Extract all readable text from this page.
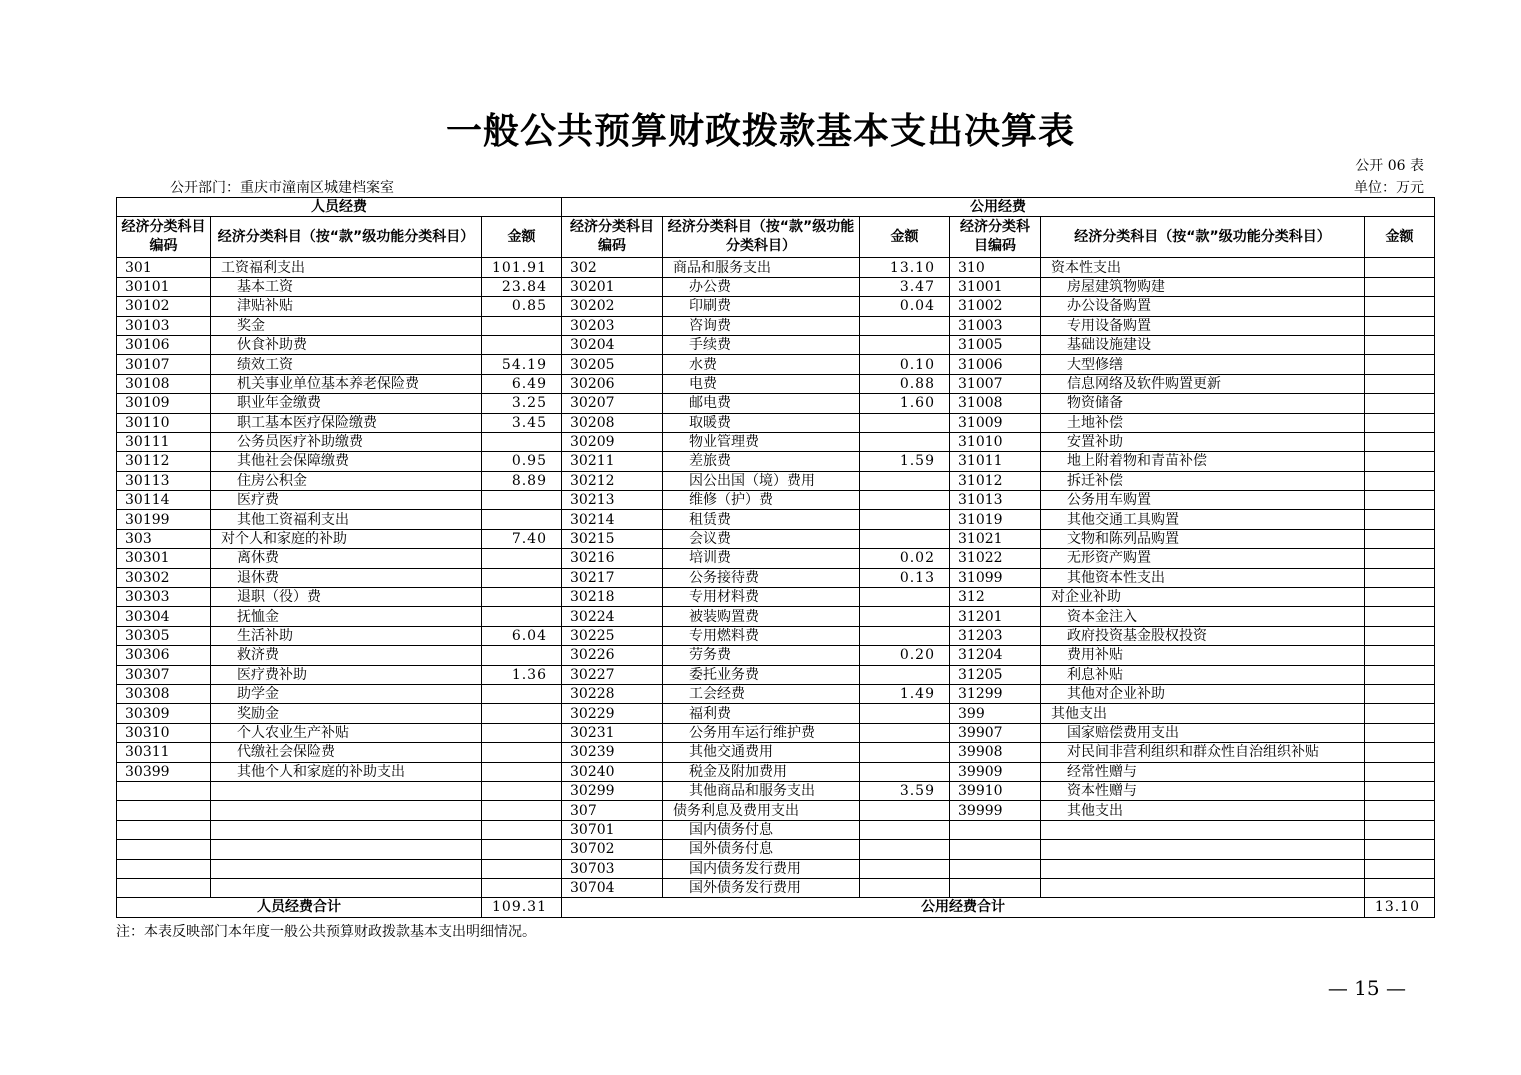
一般公共预算财政拨款基本支出决算表
公开 06 表
公开部门：重庆市潼南区城建档案室	单位：万元
人员经费			公用经费					
经济分类科目编码	经济分类科目（按“款”级功能分类科目）	金额	经济分类科目编码	经济分类科目（按“款”级功能分类科目）	金额	经济分类科目编码	经济分类科目（按“款”级功能分类科目）	金额
301	工资福利支出	101.91	302	商品和服务支出	13.10	310	资本性支出	
30101	基本工资	23.84	30201	办公费	3.47	31001	房屋建筑物购建	
30102	津贴补贴	0.85	30202	印刷费	0.04	31002	办公设备购置	
30103	奖金		30203	咨询费		31003	专用设备购置	
30106	伙食补助费		30204	手续费		31005	基础设施建设	
30107	绩效工资	54.19	30205	水费	0.10	31006	大型修缮	
30108	机关事业单位基本养老保险费	6.49	30206	电费	0.88	31007	信息网络及软件购置更新	
30109	职业年金缴费	3.25	30207	邮电费	1.60	31008	物资储备	
30110	职工基本医疗保险缴费	3.45	30208	取暖费		31009	土地补偿	
30111	公务员医疗补助缴费		30209	物业管理费		31010	安置补助	
30112	其他社会保障缴费	0.95	30211	差旅费	1.59	31011	地上附着物和青苗补偿	
30113	住房公积金	8.89	30212	因公出国（境）费用		31012	拆迁补偿	
30114	医疗费		30213	维修（护）费		31013	公务用车购置	
30199	其他工资福利支出		30214	租赁费		31019	其他交通工具购置	
303	对个人和家庭的补助	7.40	30215	会议费		31021	文物和陈列品购置	
30301	离休费		30216	培训费	0.02	31022	无形资产购置	
30302	退休费		30217	公务接待费	0.13	31099	其他资本性支出	
30303	退职（役）费		30218	专用材料费		312	对企业补助	
30304	抚恤金		30224	被装购置费		31201	资本金注入	
30305	生活补助	6.04	30225	专用燃料费		31203	政府投资基金股权投资	
30306	救济费		30226	劳务费	0.20	31204	费用补贴	
30307	医疗费补助	1.36	30227	委托业务费		31205	利息补贴	
30308	助学金		30228	工会经费	1.49	31299	其他对企业补助	
30309	奖励金		30229	福利费		399	其他支出	
30310	个人农业生产补贴		30231	公务用车运行维护费		39907	国家赔偿费用支出	
30311	代缴社会保险费		30239	其他交通费用		39908	对民间非营利组织和群众性自治组织补贴	
30399	其他个人和家庭的补助支出		30240	税金及附加费用		39909	经常性赠与	
			30299	其他商品和服务支出	3.59	39910	资本性赠与	
			307	债务利息及费用支出		39999	其他支出	
			30701	国内债务付息				
			30702	国外债务付息				
			30703	国内债务发行费用				
			30704	国外债务发行费用				
人员经费合计		109.31	公用经费合计					13.10
注：本表反映部门本年度一般公共预算财政拨款基本支出明细情况。
— 15 —
